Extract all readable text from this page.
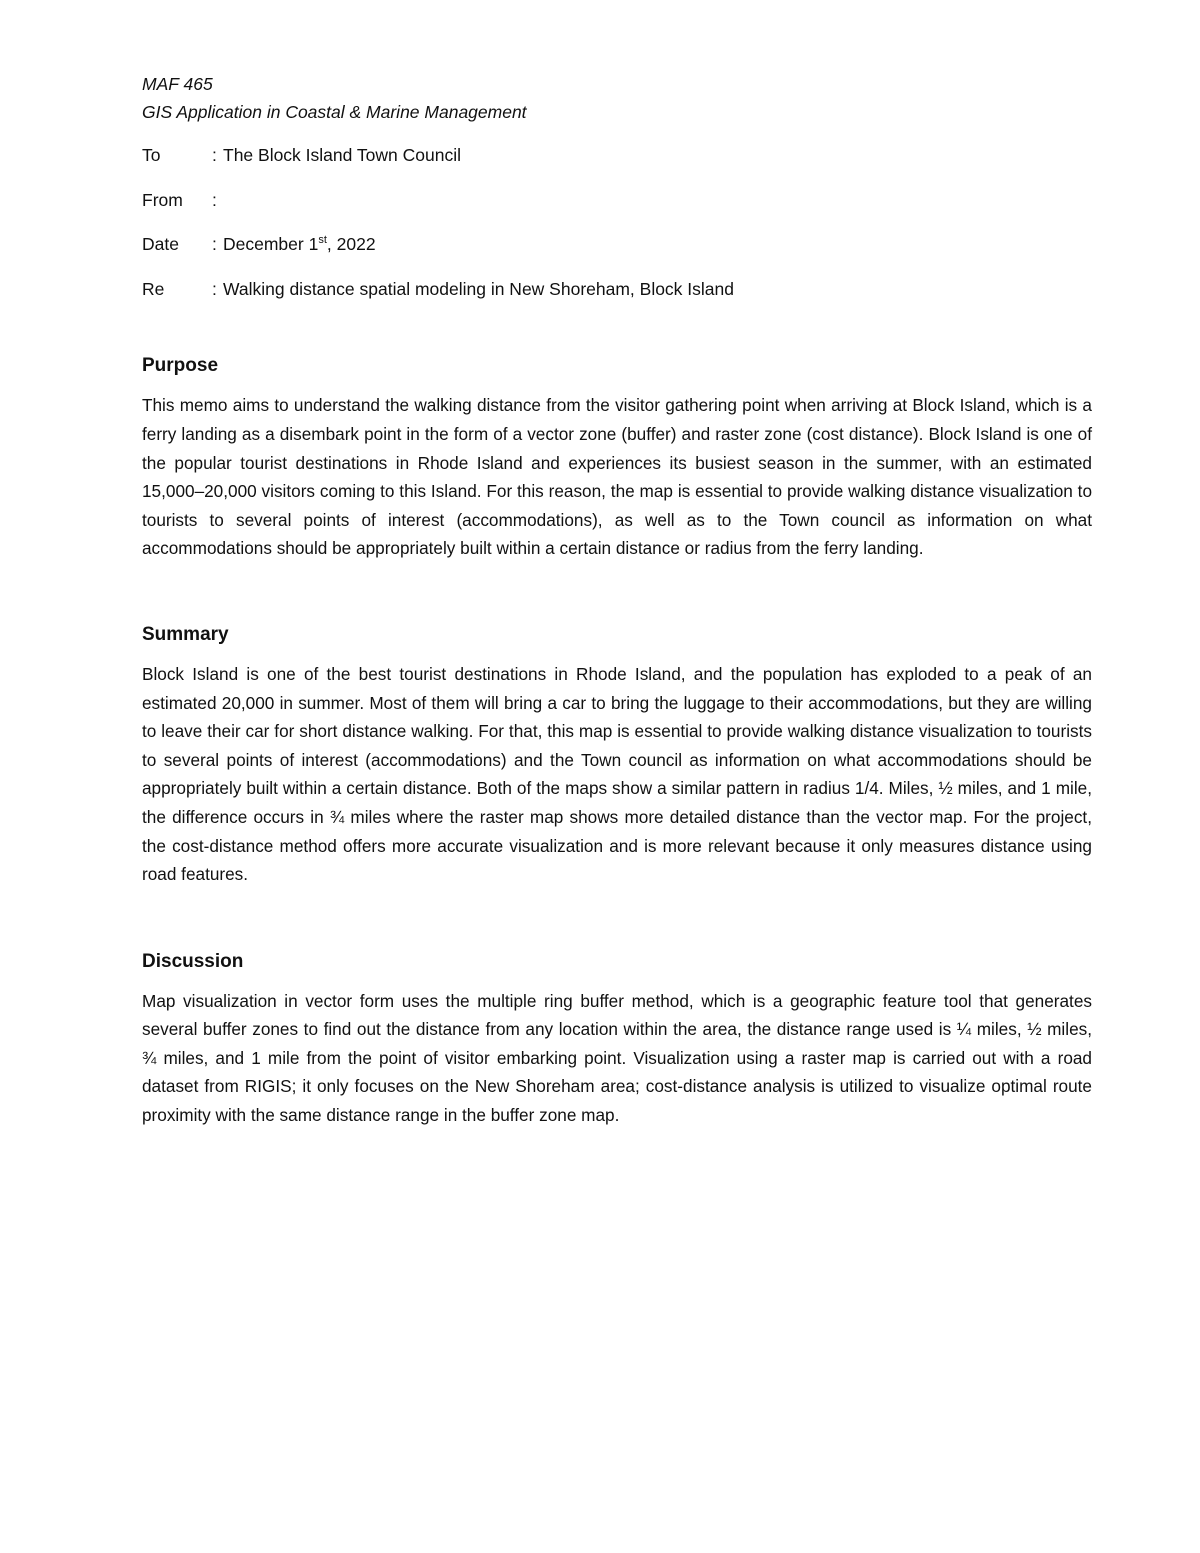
MAF 465
GIS Application in Coastal & Marine Management
To	: The Block Island Town Council
From	:
Date	: December 1st, 2022
Re	: Walking distance spatial modeling in New Shoreham, Block Island
Purpose

This memo aims to understand the walking distance from the visitor gathering point when arriving at Block Island, which is a ferry landing as a disembark point in the form of a vector zone (buffer) and raster zone (cost distance). Block Island is one of the popular tourist destinations in Rhode Island and experiences its busiest season in the summer, with an estimated 15,000–20,000 visitors coming to this Island. For this reason, the map is essential to provide walking distance visualization to tourists to several points of interest (accommodations), as well as to the Town council as information on what accommodations should be appropriately built within a certain distance or radius from the ferry landing.

Summary

Block Island is one of the best tourist destinations in Rhode Island, and the population has exploded to a peak of an estimated 20,000 in summer. Most of them will bring a car to bring the luggage to their accommodations, but they are willing to leave their car for short distance walking. For that, this map is essential to provide walking distance visualization to tourists to several points of interest (accommodations) and the Town council as information on what accommodations should be appropriately built within a certain distance. Both of the maps show a similar pattern in radius 1/4. Miles, ½ miles, and 1 mile, the difference occurs in ¾ miles where the raster map shows more detailed distance than the vector map. For the project, the cost-distance method offers more accurate visualization and is more relevant because it only measures distance using road features.

Discussion

Map visualization in vector form uses the multiple ring buffer method, which is a geographic feature tool that generates several buffer zones to find out the distance from any location within the area, the distance range used is ¼ miles, ½ miles, ¾ miles, and 1 mile from the point of visitor embarking point. Visualization using a raster map is carried out with a road dataset from RIGIS; it only focuses on the New Shoreham area; cost-distance analysis is utilized to visualize optimal route proximity with the same distance range in the buffer zone map.
